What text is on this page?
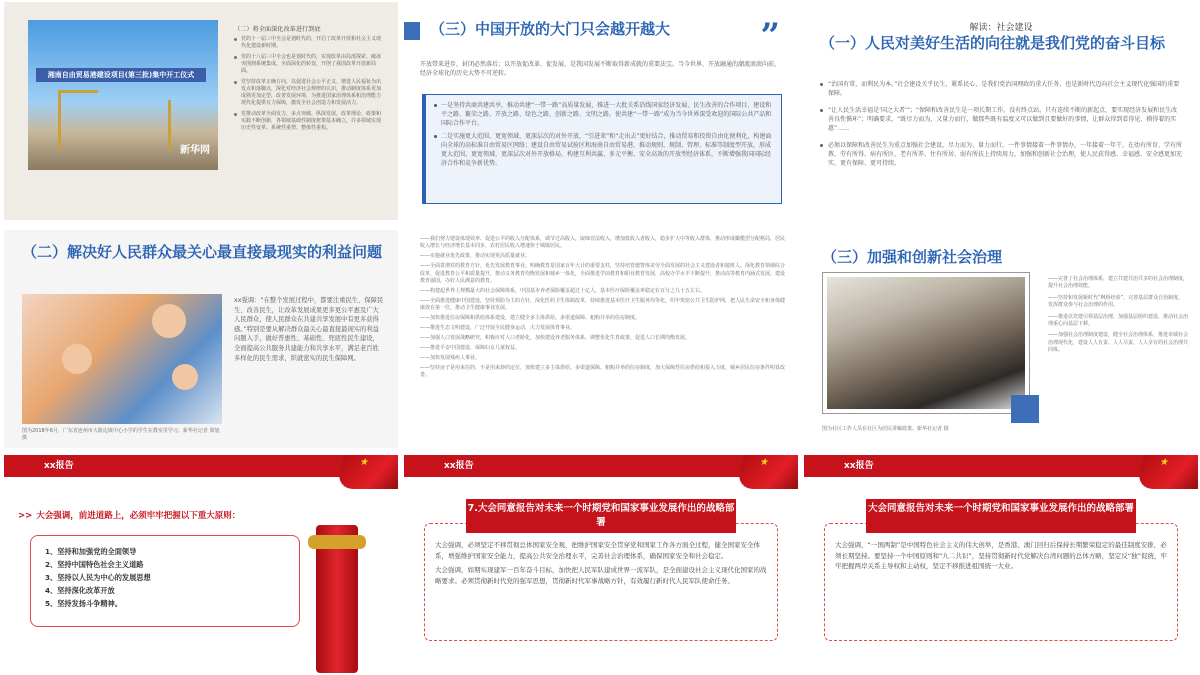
湘南自由贸易港建设项目(第三批)集中开工仪式
新华网
（二）将全面深化改革进行到底
党的十一届三中全会是划时代的，开启了改革开放和社会主义现代化建设新时期。
党的十八届三中全会也是划时代的，实现改革由局部探索、破冰突围到系统集成、全面深化的转变，开创了我国改革开放新局面。
党坚持改革正确方向，以促进社会公平正义、增进人民福祉为出发点和落脚点，深化对经济社会规律的认识，推动制度体系更加成熟更加定型，改善发展环境，为推进国家治理体系和治理能力现代化提供有力保障，激发全社会创造力和发展活力。
党推动改革全面发力、多点突破、纵深发展，改革理论、政策和实践不断创新，各领域基础性制度框架基本确立，许多领域实现历史性变革、系统性重塑、整体性重构。
（三）中国开放的大门只会越开越大	”
开放带来进步，封闭必然落后；以开放促改革、促发展，是我国发展不断取得新成就的重要法宝。当今世界，开放融通的潮流滚滚向前，经济全球化的历史大势不可逆转。

一是坚持共商共建共享，推动共建“一带一路”高质量发展，推进一大批关系沿线国家经济发展、民生改善的合作项目，建设和平之路、繁荣之路、开放之路、绿色之路、创新之路、文明之路，使共建“一带一路”成为当今世界深受欢迎的国际公共产品和国际合作平台。

二是实施更大范围、更宽领域、更深层次的对外开放，“引进来”和“走出去”更好结合，推动贸易和投资自由化便利化，构建面向全球的高标准自由贸易区网络；建设自由贸易试验区和海南自由贸易港，推动规则、规制、管理、标准等制度型开放，形成更大范围、更宽领域、更深层次对外开放格局，构建互利共赢、多元平衡、安全高效的开放型经济体系，不断增强我国国际经济合作和竞争新优势。

解读：社会建设
（一）人民对美好生活的向往就是我们党的奋斗目标

“治国有常，而利民为本。”社会建设关乎民生，紧系民心，是我们党治国理政的重大任务，也是新时代迈向社会主义现代化强国的重要保障。

“让人民生活幸福是‘国之大者’”；“保障和改善民生是一项长期工作，没有终点站，只有连续不断的新起点，要实现经济发展和民生改善良性循环”；明确要求，“既尽力而为，又量力而行，做那些既有温度又可以做到且要做好的事情，让群众得到看得见、摸得着的实惠”……

必须以保障和改善民生为重点加强社会建设，尽力而为、量力而行，一件事情接着一件事情办，一年接着一年干，在幼有所育、学有所教、劳有所得、病有所医、老有所养、住有所居、弱有所扶上持续用力，加强和创新社会治理，使人民获得感、幸福感、安全感更加充实、更有保障、更可持续。

（二）解决好人民群众最关心最直接最现实的利益问题
图为2018年6月，广东省连州市大路边镇中心小学的学生在教室里学习。新华社记者 梁旭 摄
xx强调：“在整个发展过程中，都要注重民生、保障民生、改善民生，让改革发展成果更多更公平惠及广大人民群众，使人民群众在共建共享发展中有更多获得感。”特别是要从解决群众最关心最直接最现实的利益问题入手，做好普惠性、基础性、兜底性民生建设，全面提高公共服务共建能力和共享水平，满足老百姓多样化的民生需求，织就密实的民生保障网。

——我们努力建设体现效率、促进公平的收入分配体系，调节过高收入，取缔非法收入，增加低收入者收入，稳步扩大中等收入群体，推动形成橄榄型分配格局，居民收入增长与经济增长基本同步，农村居民收入增速快于城镇居民。

——实施就业优先政策，推动实现更高质量就业。

——全面贯彻党的教育方针，优先发展教育事业，明确教育是国家百年大计的重要支柱，坚持培育德智体美劳全面发展的社会主义建设者和接班人，深化教育领域综合改革，促进教育公平和质量提升，推动义务教育均衡发展和城乡一体化，全面推进学前教育和职业教育发展，高校办学水平不断提升，推动高等教育内涵式发展，建设教育强国，办好人民满意的教育。

——构建起世界上规模最大的社会保障体系，中国基本养老保险覆盖超过十亿人，基本医疗保险覆盖率稳定在百分之九十五左右。

——全面推进健康中国建设，坚持预防为主的方针，深化医药卫生体制改革，持续推进基本医疗卫生服务均等化，织牢筑密公共卫生防护网，把人民生命安全和身体健康放在第一位，推动卫生健康事业发展。

——加快推进住房保障和供给体系建设，建立健全多主体供给、多渠道保障、租购并举的住房制度。

——推进生态文明建设，广泛开展全民健身运动，大力发展体育事业。

——加强人口发展战略研究，积极应对人口老龄化，加快建设养老服务体系，调整优化生育政策，促进人口长期均衡发展。

——推进平安中国建设，保障妇女儿童权益。

——加快发展残疾人事业。

——坚持房子是用来住的、不是用来炒的定位，加快建立多主体供给、多渠道保障、租购并举的住房制度，加大保障性住房供给和投入力度，城乡居民住房条件明显改善。

（三）加强和创新社会治理
图为社区工作人员在社区为居民讲解政策。新华社记者 摄

——完善了社会治理体系，建立共建共治共享的社会治理制度，提升社会治理效能。

——坚持和发展新时代“枫桥经验”，完善基层群众自治制度，发挥群众参与社会治理的作用。

——推进以党建引领基层治理，加强基层组织建设，推动社会治理重心向基层下移。

——加强社会治理制度建设，健全社会治理体系，推进市域社会治理现代化，建设人人有责、人人尽责、人人享有的社会治理共同体。

xx报告	★
>> 大会强调，前进道路上，必须牢牢把握以下重大原则：

1、坚持和加强党的全面领导

2、坚持中国特色社会主义道路

3、坚持以人民为中心的发展思想

4、坚持深化改革开放

5、坚持发扬斗争精神。

xx报告	★

大会强调，必须坚定不移贯彻总体国家安全观，把维护国家安全贯穿党和国家工作各方面全过程，健全国家安全体系，增强维护国家安全能力，提高公共安全治理水平，完善社会治理体系，确保国家安全和社会稳定。

大会强调，如期实现建军一百年奋斗目标，加快把人民军队建成世界一流军队，是全面建设社会主义现代化国家的战略要求。必须贯彻新时代党的强军思想，贯彻新时代军事战略方针，有效履行新时代人民军队使命任务。

7.大会同意报告对未来一个时期党和国家事业发展作出的战略部署
xx报告	★

大会强调，“一国两制”是中国特色社会主义的伟大创举，是香港、澳门回归后保持长期繁荣稳定的最佳制度安排，必须长期坚持。要坚持一个中国原则和“九二共识”，坚持贯彻新时代党解决台湾问题的总体方略，坚定反“独”促统，牢牢把握两岸关系主导权和主动权，坚定不移推进祖国统一大业。

大会同意报告对未来一个时期党和国家事业发展作出的战略部署
